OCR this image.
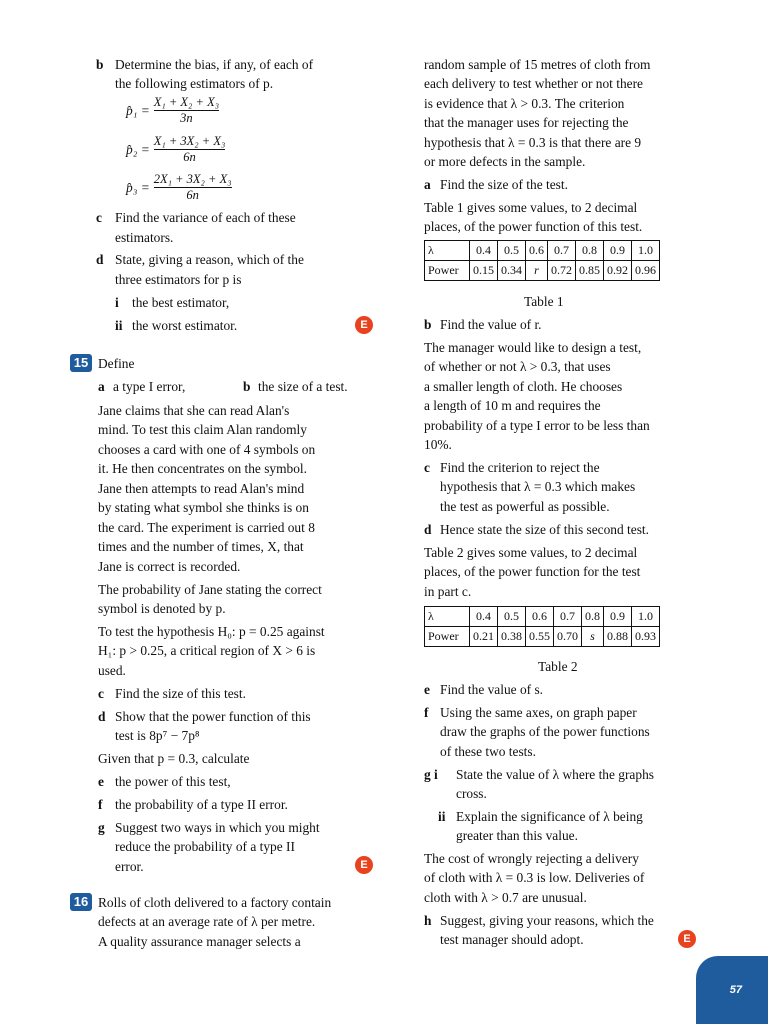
b Determine the bias, if any, of each of
the following estimators of p.
p̂₁ = $\frac{\text{X₁ + X₂ + X₃}}{3n}$
p̂₂ = $\frac{\text{X₁ + 3X₂ + X₃}}{6n}$
p̂₃ = $\frac{\text{2X₁ + 3X₂ + X₃}}{6n}$
c Find the variance of each of these
estimators.
d State, giving a reason, which of the
three estimators for p is
i the best estimator,
ii the worst estimator.	E
15 Define
a a type I error,	b the size of a test.
Jane claims that she can read Alan's
mind. To test this claim Alan randomly
chooses a card with one of 4 symbols on
it. He then concentrates on the symbol.
Jane then attempts to read Alan's mind
by stating what symbol she thinks is on
the card. The experiment is carried out 8
times and the number of times, X, that
Jane is correct is recorded.
The probability of Jane stating the correct
symbol is denoted by p.
To test the hypothesis H₀: p = 0.25 against
H₁: p > 0.25, a critical region of X > 6 is
used.
c Find the size of this test.
d Show that the power function of this
test is 8p⁷ − 7p⁸
Given that p = 0.3, calculate
e the power of this test,
f the probability of a type II error.
g Suggest two ways in which you might
reduce the probability of a type II
error.	E
16 Rolls of cloth delivered to a factory contain
defects at an average rate of λ per metre.
A quality assurance manager selects a
random sample of 15 metres of cloth from
each delivery to test whether or not there
is evidence that λ > 0.3. The criterion
that the manager uses for rejecting the
hypothesis that λ = 0.3 is that there are 9
or more defects in the sample.
a Find the size of the test.
Table 1 gives some values, to 2 decimal
places, of the power function of this test.
λ	0.4	0.5	0.6	0.7	0.8	0.9	1.0
Power	0.15	0.34	r	0.72	0.85	0.92	0.96
Table 1
b Find the value of r.
The manager would like to design a test,
of whether or not λ > 0.3, that uses
a smaller length of cloth. He chooses
a length of 10 m and requires the
probability of a type I error to be less than
10%.
c Find the criterion to reject the
hypothesis that λ = 0.3 which makes
the test as powerful as possible.
d Hence state the size of this second test.
Table 2 gives some values, to 2 decimal
places, of the power function for the test
in part c.
λ	0.4	0.5	0.6	0.7	0.8	0.9	1.0
Power	0.21	0.38	0.55	0.70	s	0.88	0.93
Table 2
e Find the value of s.
f Using the same axes, on graph paper
draw the graphs of the power functions
of these two tests.
g i State the value of λ where the graphs
cross.
ii Explain the significance of λ being
greater than this value.
The cost of wrongly rejecting a delivery
of cloth with λ = 0.3 is low. Deliveries of
cloth with λ > 0.7 are unusual.
h Suggest, giving your reasons, which the
test manager should adopt.	E
57
